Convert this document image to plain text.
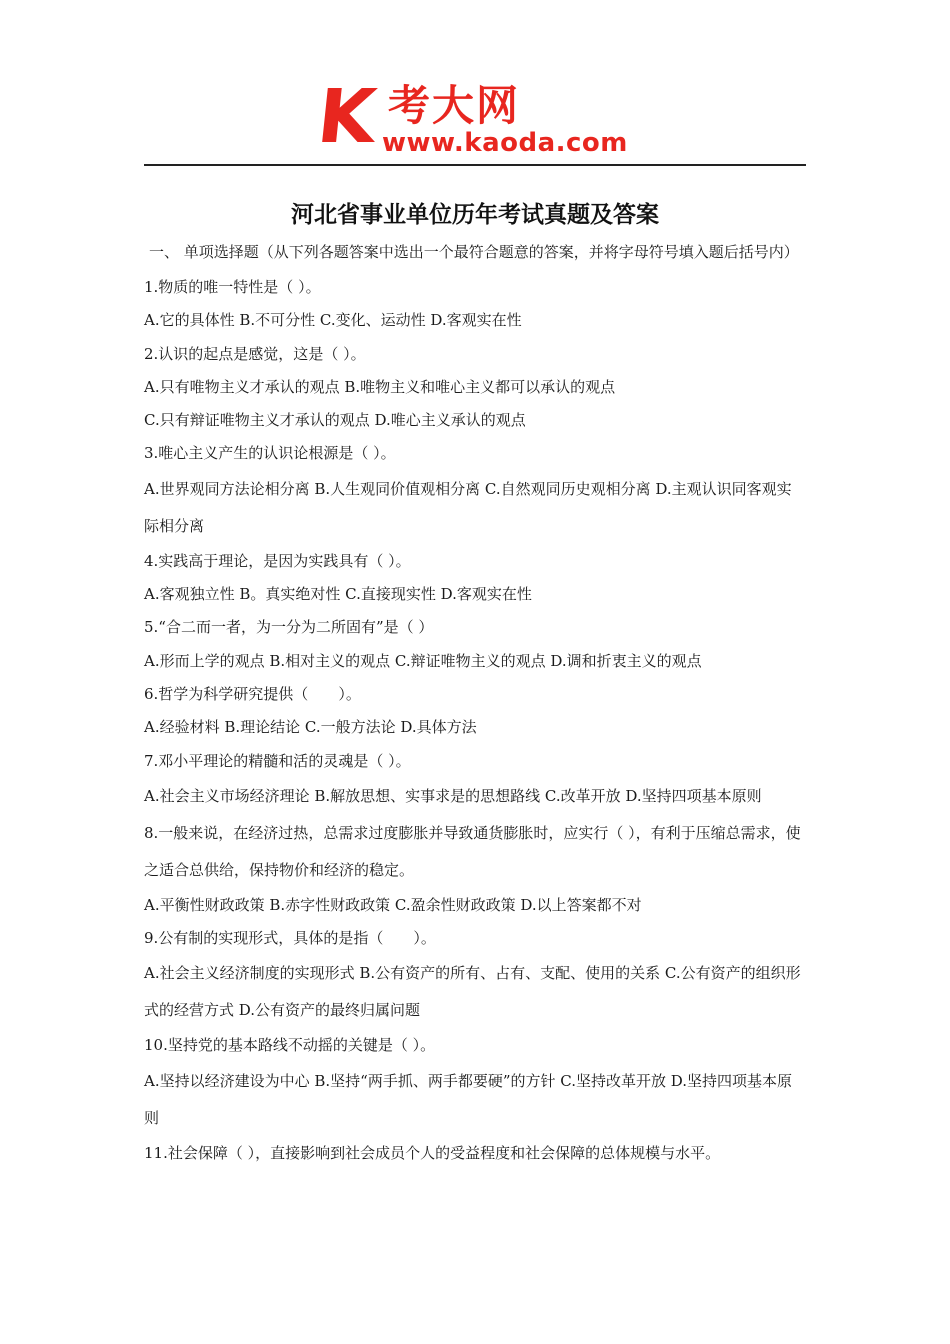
K 考大网
www.kaoda.com
河北省事业单位历年考试真题及答案

一、 单项选择题（从下列各题答案中选出一个最符合题意的答案，并将字母符号填入题后括号内）

1.物质的唯一特性是（ ）。

A.它的具体性 B.不可分性 C.变化、运动性 D.客观实在性

2.认识的起点是感觉，这是（ ）。

A.只有唯物主义才承认的观点 B.唯物主义和唯心主义都可以承认的观点

C.只有辩证唯物主义才承认的观点 D.唯心主义承认的观点

3.唯心主义产生的认识论根源是（ ）。

A.世界观同方法论相分离 B.人生观同价值观相分离 C.自然观同历史观相分离 D.主观认识同客观实际相分离

4.实践高于理论，是因为实践具有（ ）。

A.客观独立性 B。真实绝对性 C.直接现实性 D.客观实在性

5.“合二而一者，为一分为二所固有”是（ ）

A.形而上学的观点 B.相对主义的观点 C.辩证唯物主义的观点 D.调和折衷主义的观点

6.哲学为科学研究提供（　　）。

A.经验材料 B.理论结论 C.一般方法论 D.具体方法

7.邓小平理论的精髓和活的灵魂是（ ）。

A.社会主义市场经济理论 B.解放思想、实事求是的思想路线 C.改革开放 D.坚持四项基本原则

8.一般来说，在经济过热，总需求过度膨胀并导致通货膨胀时，应实行（ ），有利于压缩总需求，使之适合总供给，保持物价和经济的稳定。

A.平衡性财政政策 B.赤字性财政政策 C.盈余性财政政策 D.以上答案都不对

9.公有制的实现形式，具体的是指（　　）。

A.社会主义经济制度的实现形式 B.公有资产的所有、占有、支配、使用的关系 C.公有资产的组织形式的经营方式 D.公有资产的最终归属问题

10.坚持党的基本路线不动摇的关键是（ ）。

A.坚持以经济建设为中心 B.坚持“两手抓、两手都要硬”的方针 C.坚持改革开放 D.坚持四项基本原则

11.社会保障（ ），直接影响到社会成员个人的受益程度和社会保障的总体规模与水平。
